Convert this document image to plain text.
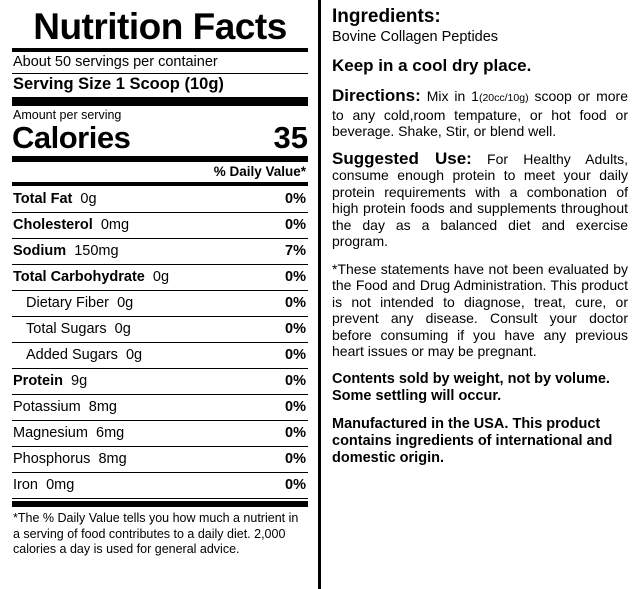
Nutrition Facts
About 50 servings per container
Serving Size 1 Scoop (10g)
Amount per serving
Calories	35
% Daily Value*
Total Fat 0g	0%
Cholesterol 0mg	0%
Sodium 150mg	7%
Total Carbohydrate 0g	0%
Dietary Fiber 0g	0%
Total Sugars 0g	0%
Added Sugars 0g	0%
Protein 9g	0%
Potassium 8mg	0%
Magnesium 6mg	0%
Phosphorus 8mg	0%
Iron 0mg	0%
*The % Daily Value tells you how much a nutrient in a serving of food contributes to a daily diet. 2,000 calories a day is used for general advice.
Ingredients:
Bovine Collagen Peptides
Keep in a cool dry place.
Directions: Mix in 1(20cc/10g) scoop or more to any cold,room tempature, or hot food or beverage. Shake, Stir, or blend well.
Suggested Use: For Healthy Adults, consume enough protein to meet your daily protein requirements with a combonation of high protein foods and supplements throughout the day as a balanced diet and exercise program.
*These statements have not been evaluated by the Food and Drug Administration. This product is not intended to diagnose, treat, cure, or prevent any disease. Consult your doctor before consuming if you have any previous heart issues or may be pregnant.
Contents sold by weight, not by volume. Some settling will occur.
Manufactured in the USA. This product contains ingredients of international and domestic origin.
